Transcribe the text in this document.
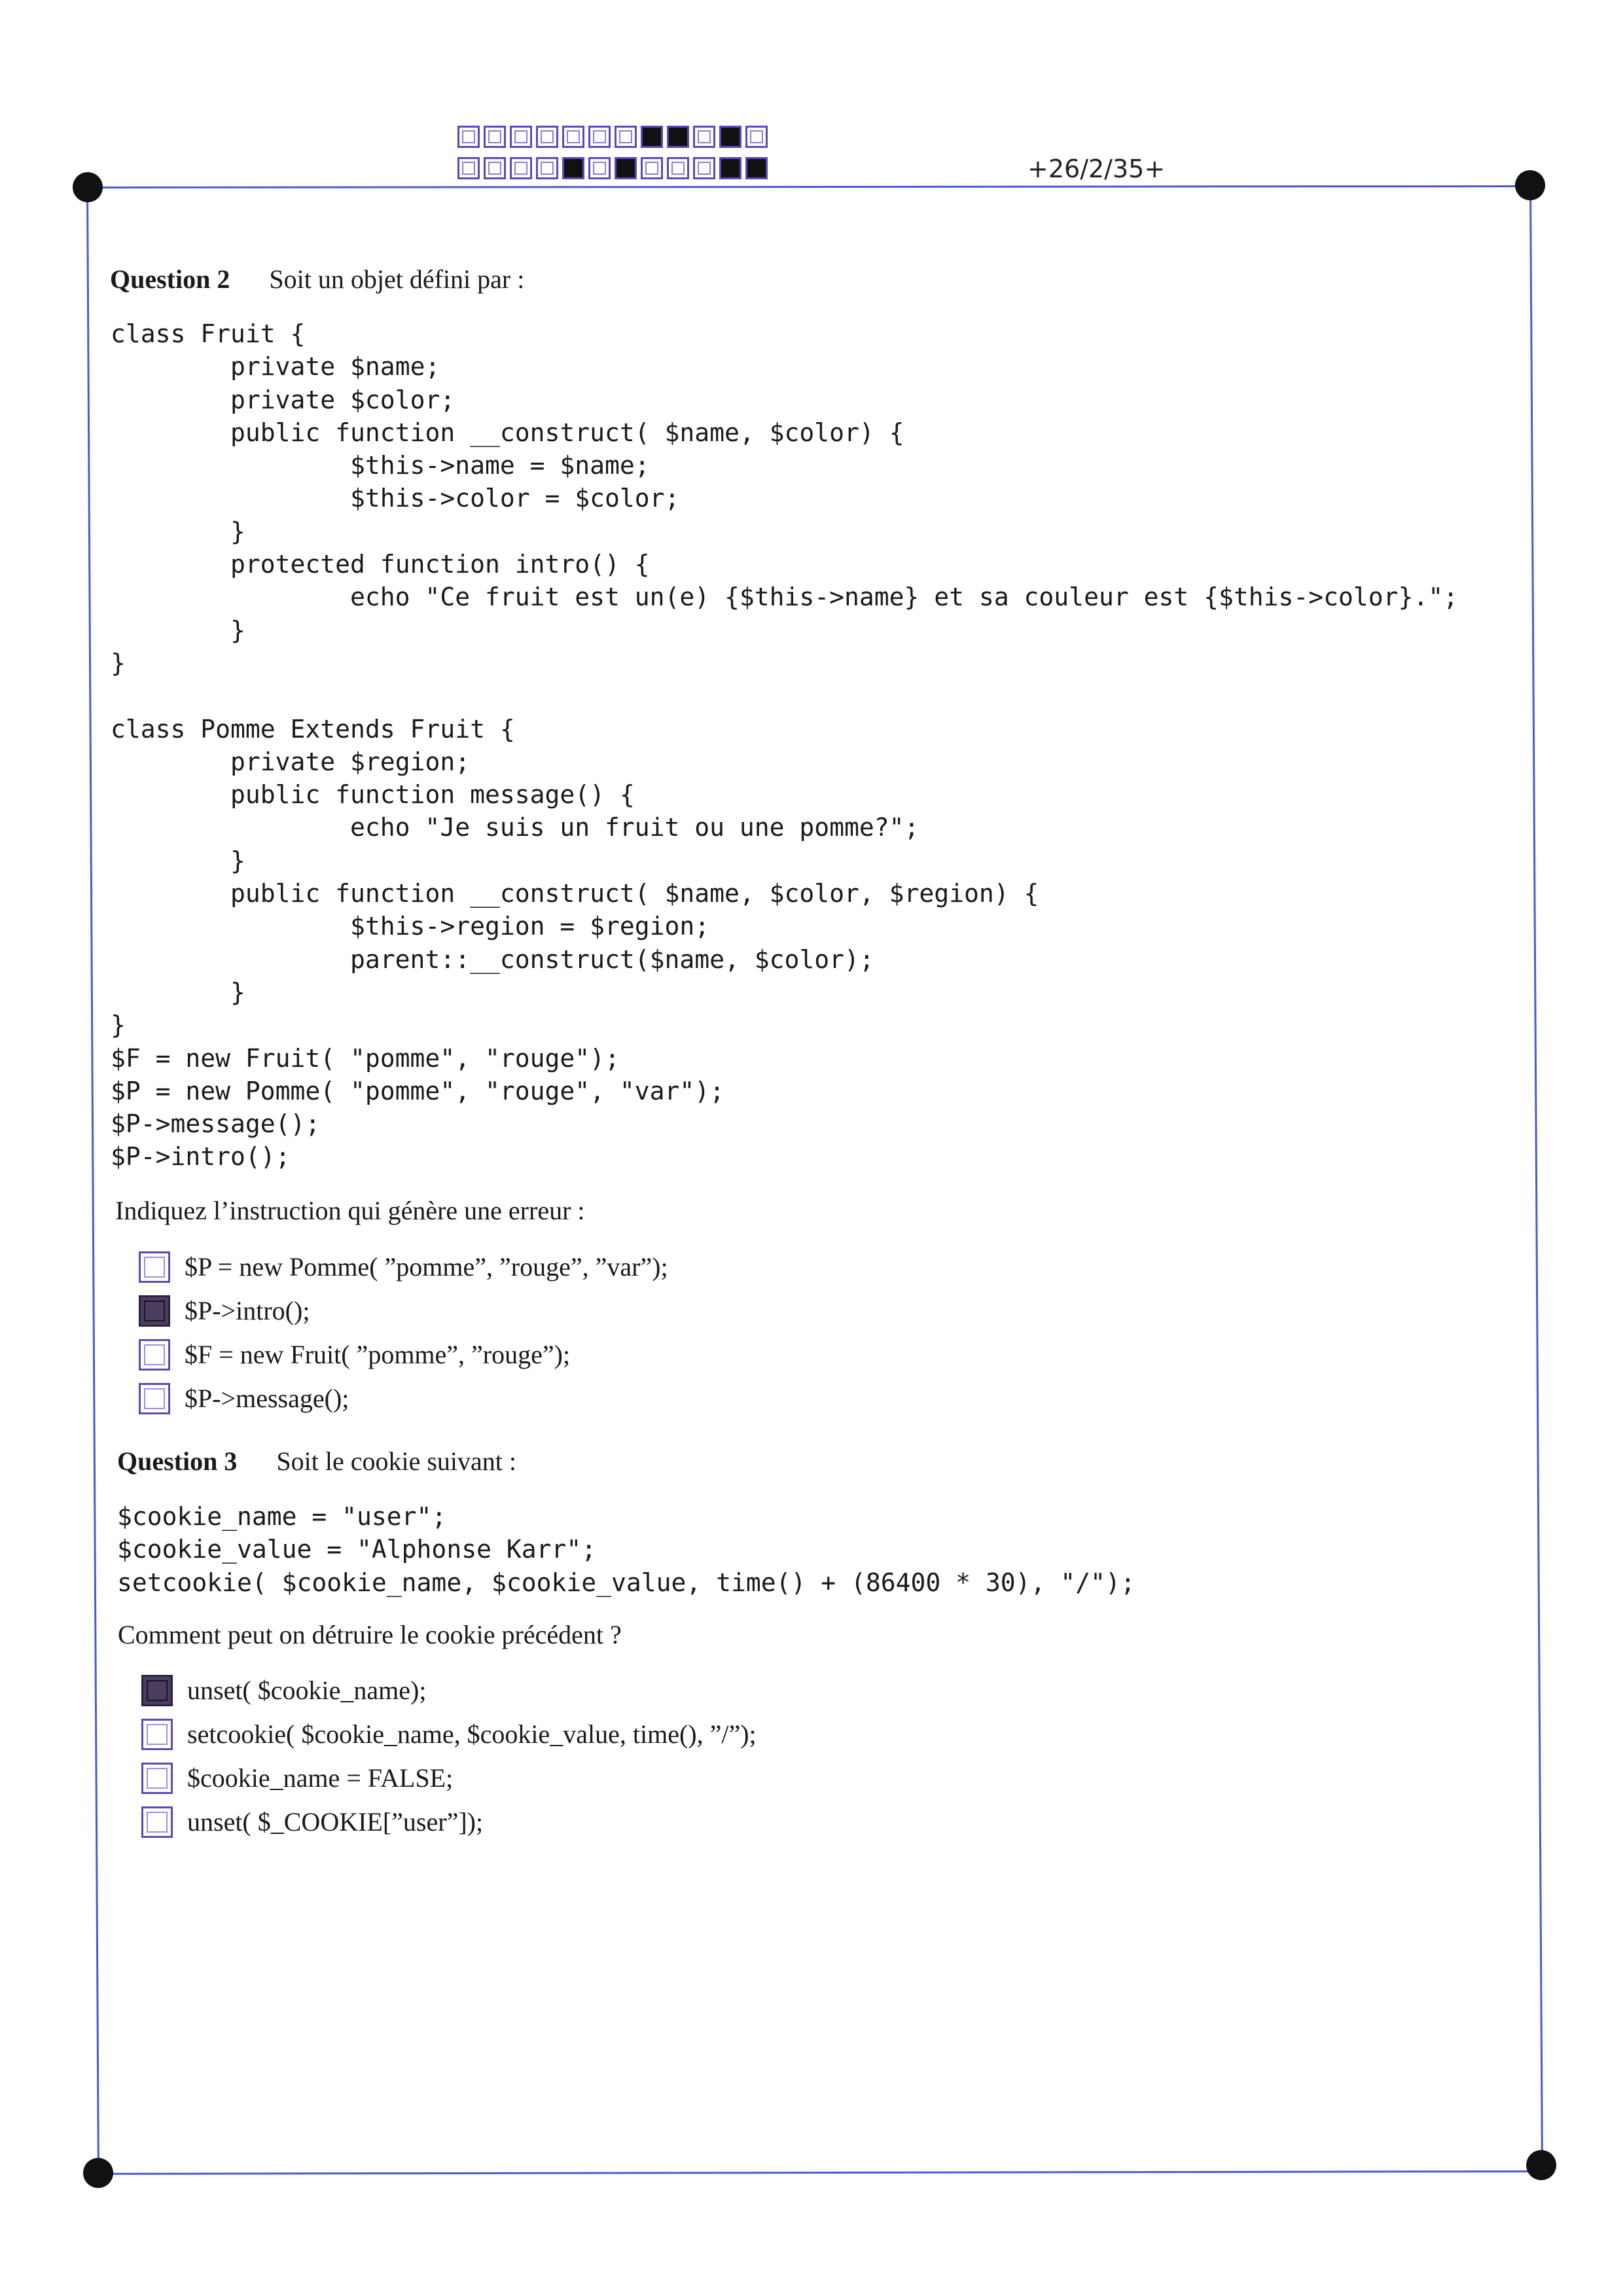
+26/2/35+
Question 2 Soit un objet défini par :
class Fruit {
	private $name;
	private $color;
	public function __construct( $name, $color) {
		$this->name = $name;
		$this->color = $color;
	}
	protected function intro() {
		echo "Ce fruit est un(e) {$this->name} et sa couleur est {$this->color}.";
	}
}

class Pomme Extends Fruit {
	private $region;
	public function message() {
		echo "Je suis un fruit ou une pomme?";
	}
	public function __construct( $name, $color, $region) {
		$this->region = $region;
		parent::__construct($name, $color);
	}
}
$F = new Fruit( "pomme", "rouge");
$P = new Pomme( "pomme", "rouge", "var");
$P->message();
$P->intro();
Indiquez l’instruction qui génère une erreur :
$P = new Pomme( ”pomme”, ”rouge”, ”var”);
$P->intro();
$F = new Fruit( ”pomme”, ”rouge”);
$P->message();
Question 3 Soit le cookie suivant :
$cookie_name = "user";
$cookie_value = "Alphonse Karr";
setcookie( $cookie_name, $cookie_value, time() + (86400 * 30), "/");
Comment peut on détruire le cookie précédent ?
unset( $cookie_name);
setcookie( $cookie_name, $cookie_value, time(), ”/”);
$cookie_name = FALSE;
unset( $_COOKIE[”user”]);
